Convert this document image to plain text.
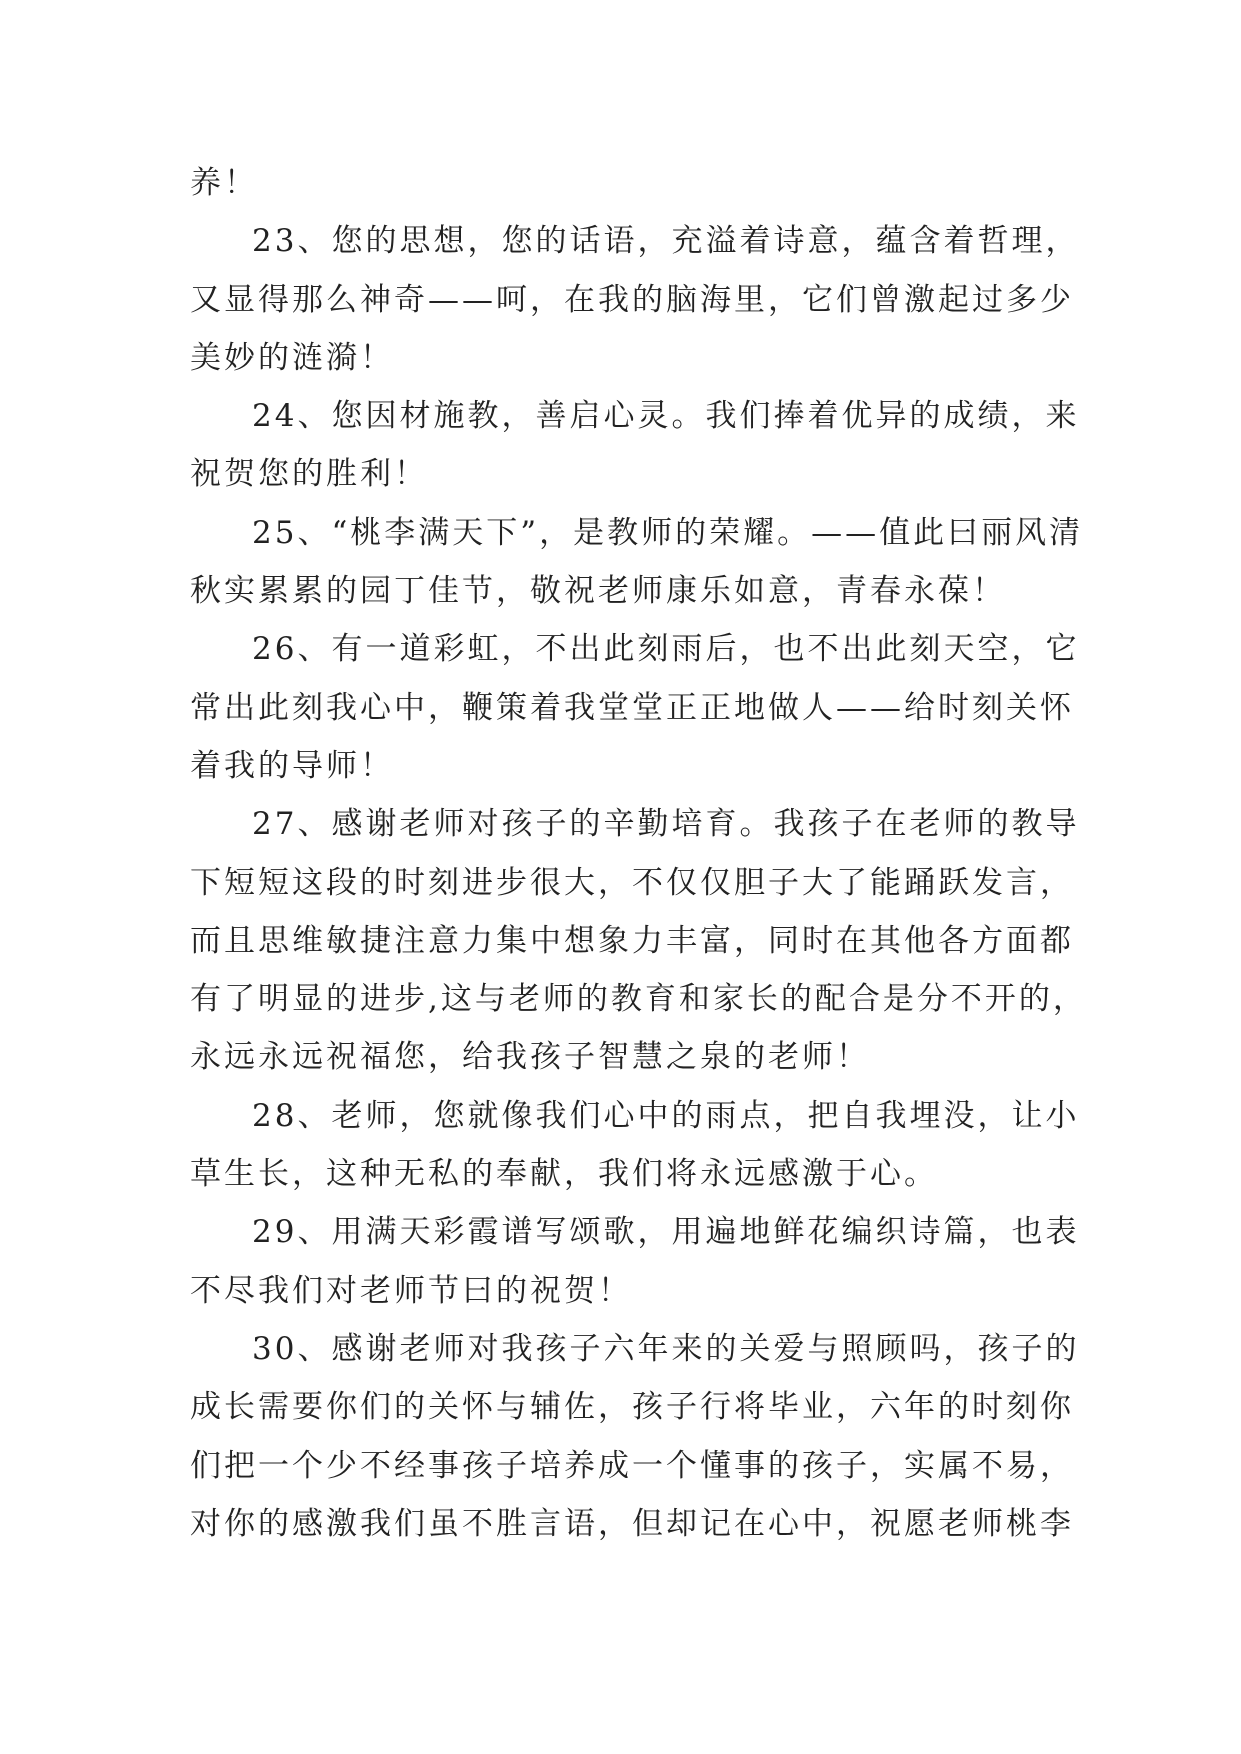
养！
23、您的思想，您的话语，充溢着诗意，蕴含着哲理，
又显得那么神奇——呵，在我的脑海里，它们曾激起过多少
美妙的涟漪！
24、您因材施教，善启心灵。我们捧着优异的成绩，来
祝贺您的胜利！
25、“桃李满天下”，是教师的荣耀。——值此曰丽风清
秋实累累的园丁佳节，敬祝老师康乐如意，青春永葆！
26、有一道彩虹，不出此刻雨后，也不出此刻天空，它
常出此刻我心中，鞭策着我堂堂正正地做人——给时刻关怀
着我的导师！
27、感谢老师对孩子的辛勤培育。我孩子在老师的教导
下短短这段的时刻进步很大，不仅仅胆子大了能踊跃发言，
而且思维敏捷注意力集中想象力丰富，同时在其他各方面都
有了明显的进步,这与老师的教育和家长的配合是分不开的，
永远永远祝福您，给我孩子智慧之泉的老师！
28、老师，您就像我们心中的雨点，把自我埋没，让小
草生长，这种无私的奉献，我们将永远感激于心。
29、用满天彩霞谱写颂歌，用遍地鲜花编织诗篇，也表
不尽我们对老师节曰的祝贺！
30、感谢老师对我孩子六年来的关爱与照顾吗，孩子的
成长需要你们的关怀与辅佐，孩子行将毕业，六年的时刻你
们把一个少不经事孩子培养成一个懂事的孩子，实属不易，
对你的感激我们虽不胜言语，但却记在心中，祝愿老师桃李
